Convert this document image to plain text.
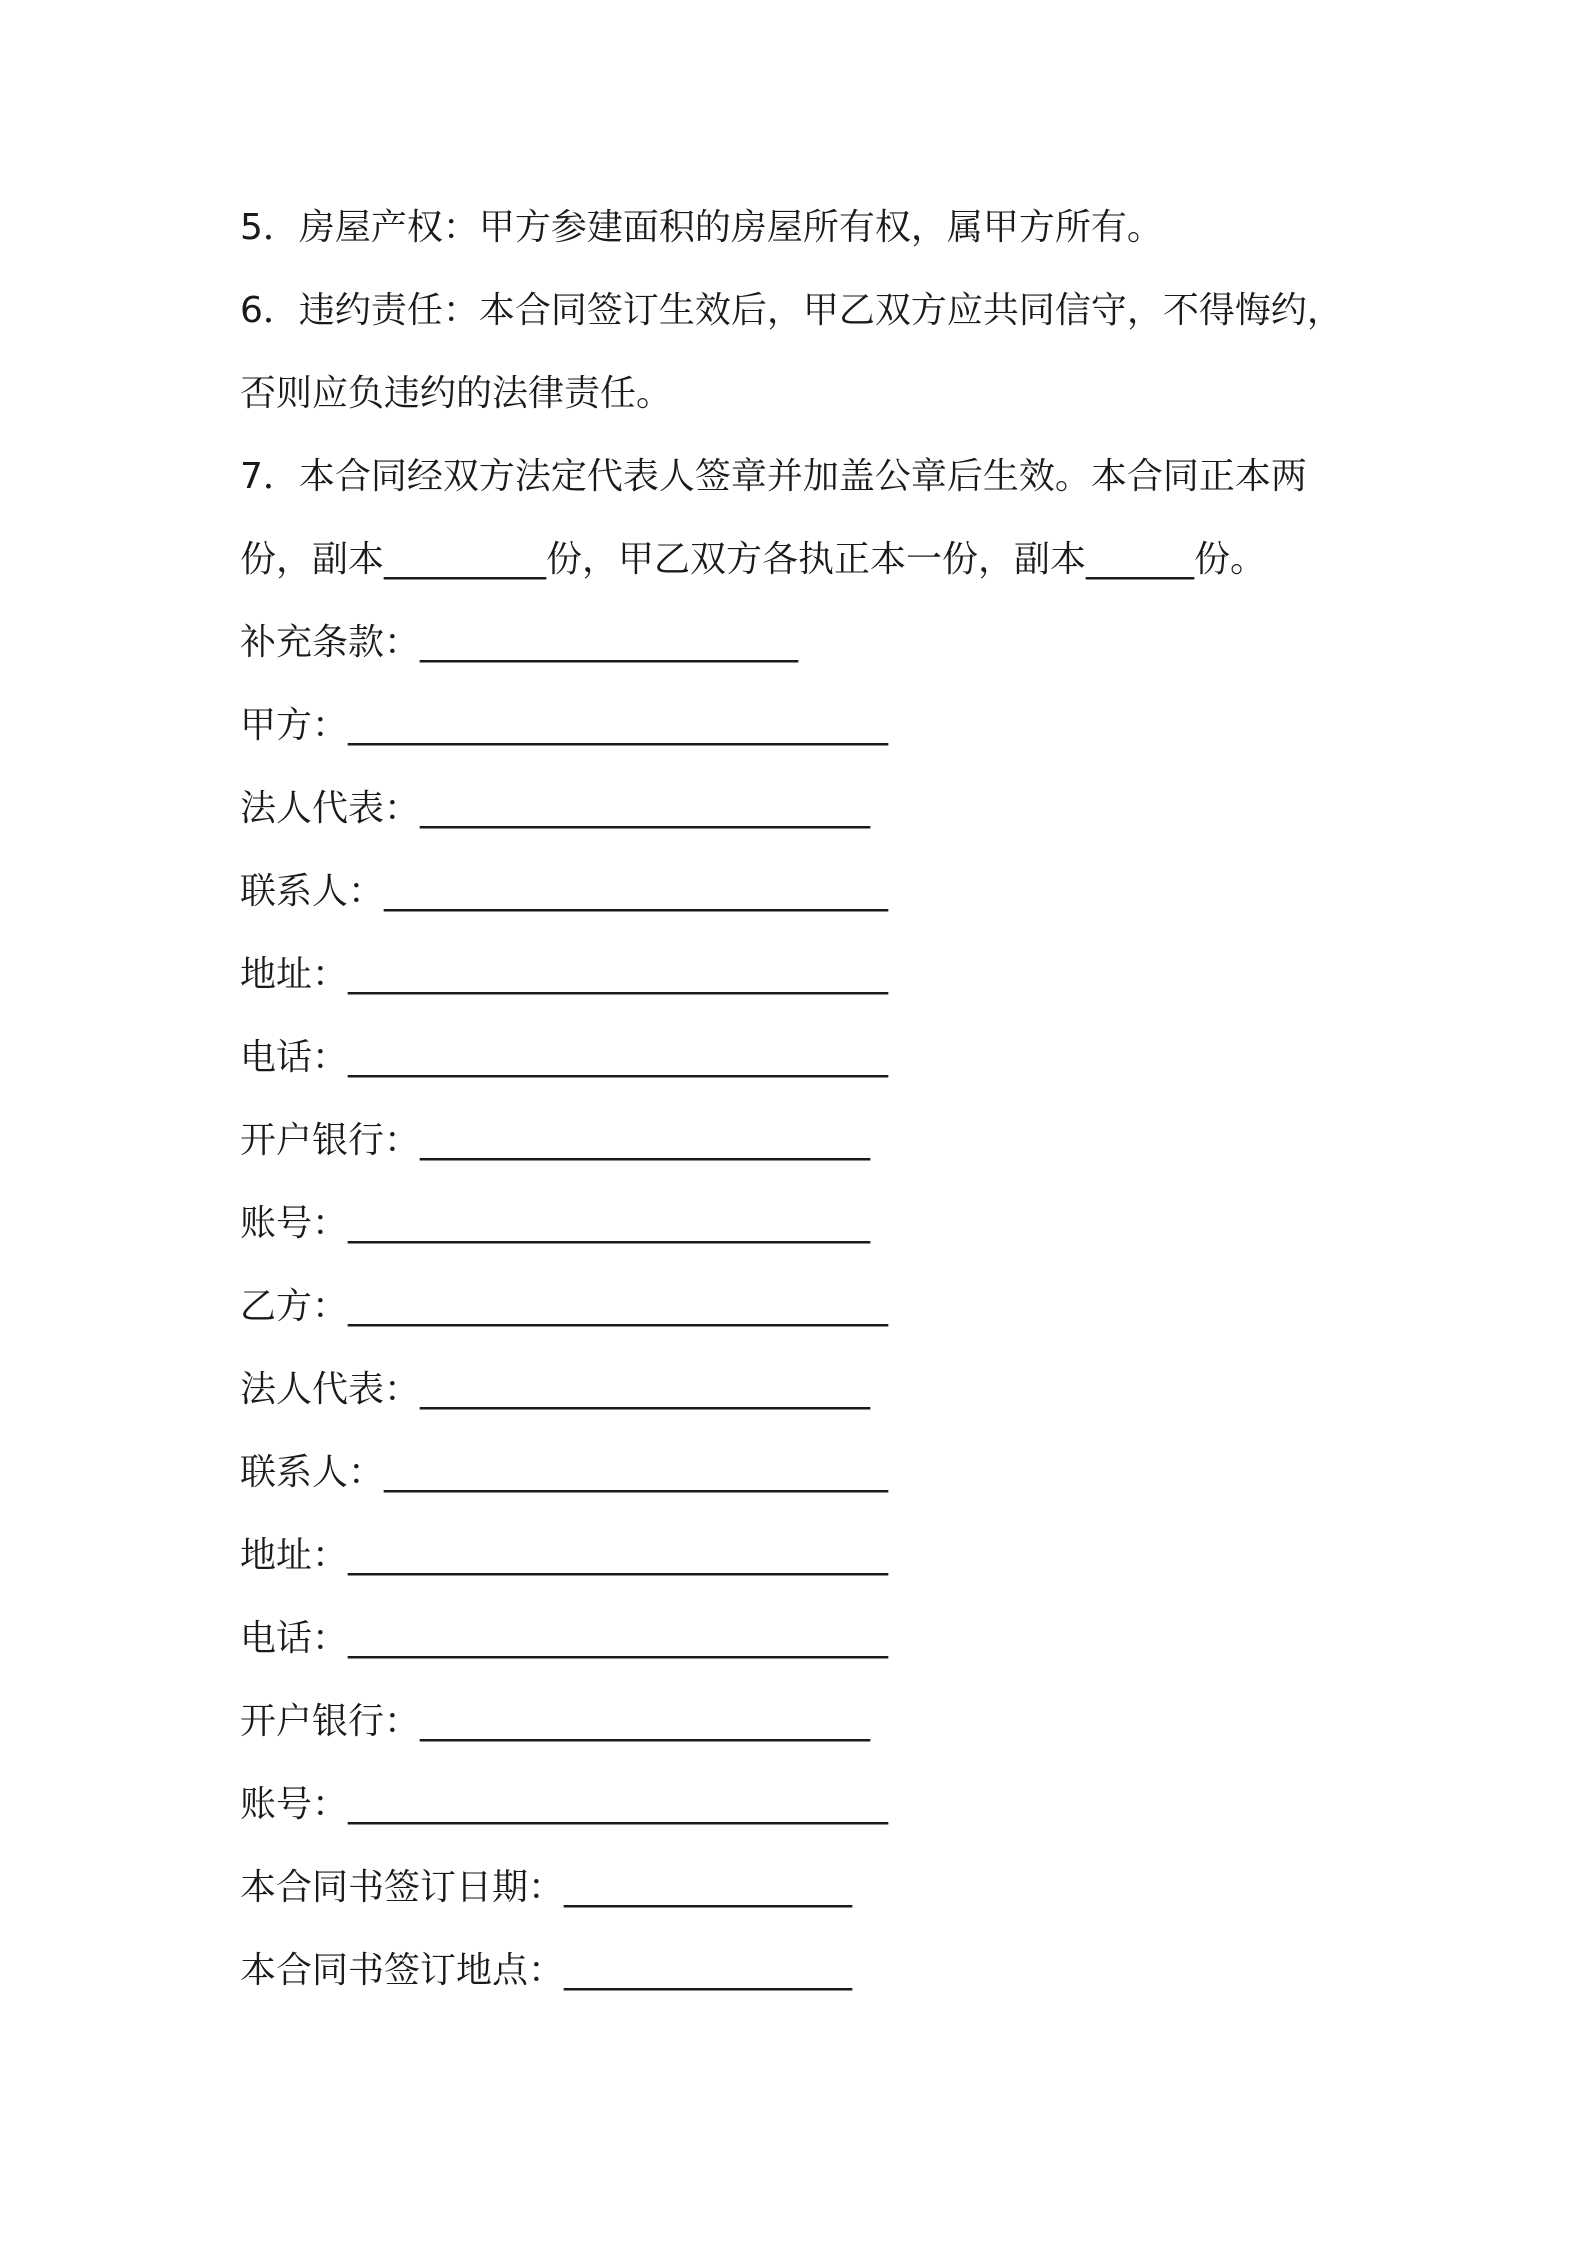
5．房屋产权：甲方参建面积的房屋所有权，属甲方所有。
6．违约责任：本合同签订生效后，甲乙双方应共同信守，不得悔约，
否则应负违约的法律责任。
7．本合同经双方法定代表人签章并加盖公章后生效。本合同正本两
份，副本_________份，甲乙双方各执正本一份，副本______份。
补充条款：_____________________
甲方：______________________________
法人代表：_________________________
联系人：____________________________
地址：______________________________
电话：______________________________
开户银行：_________________________
账号：_____________________________
乙方：______________________________
法人代表：_________________________
联系人：____________________________
地址：______________________________
电话：______________________________
开户银行：_________________________
账号：______________________________
本合同书签订日期：________________
本合同书签订地点：________________
